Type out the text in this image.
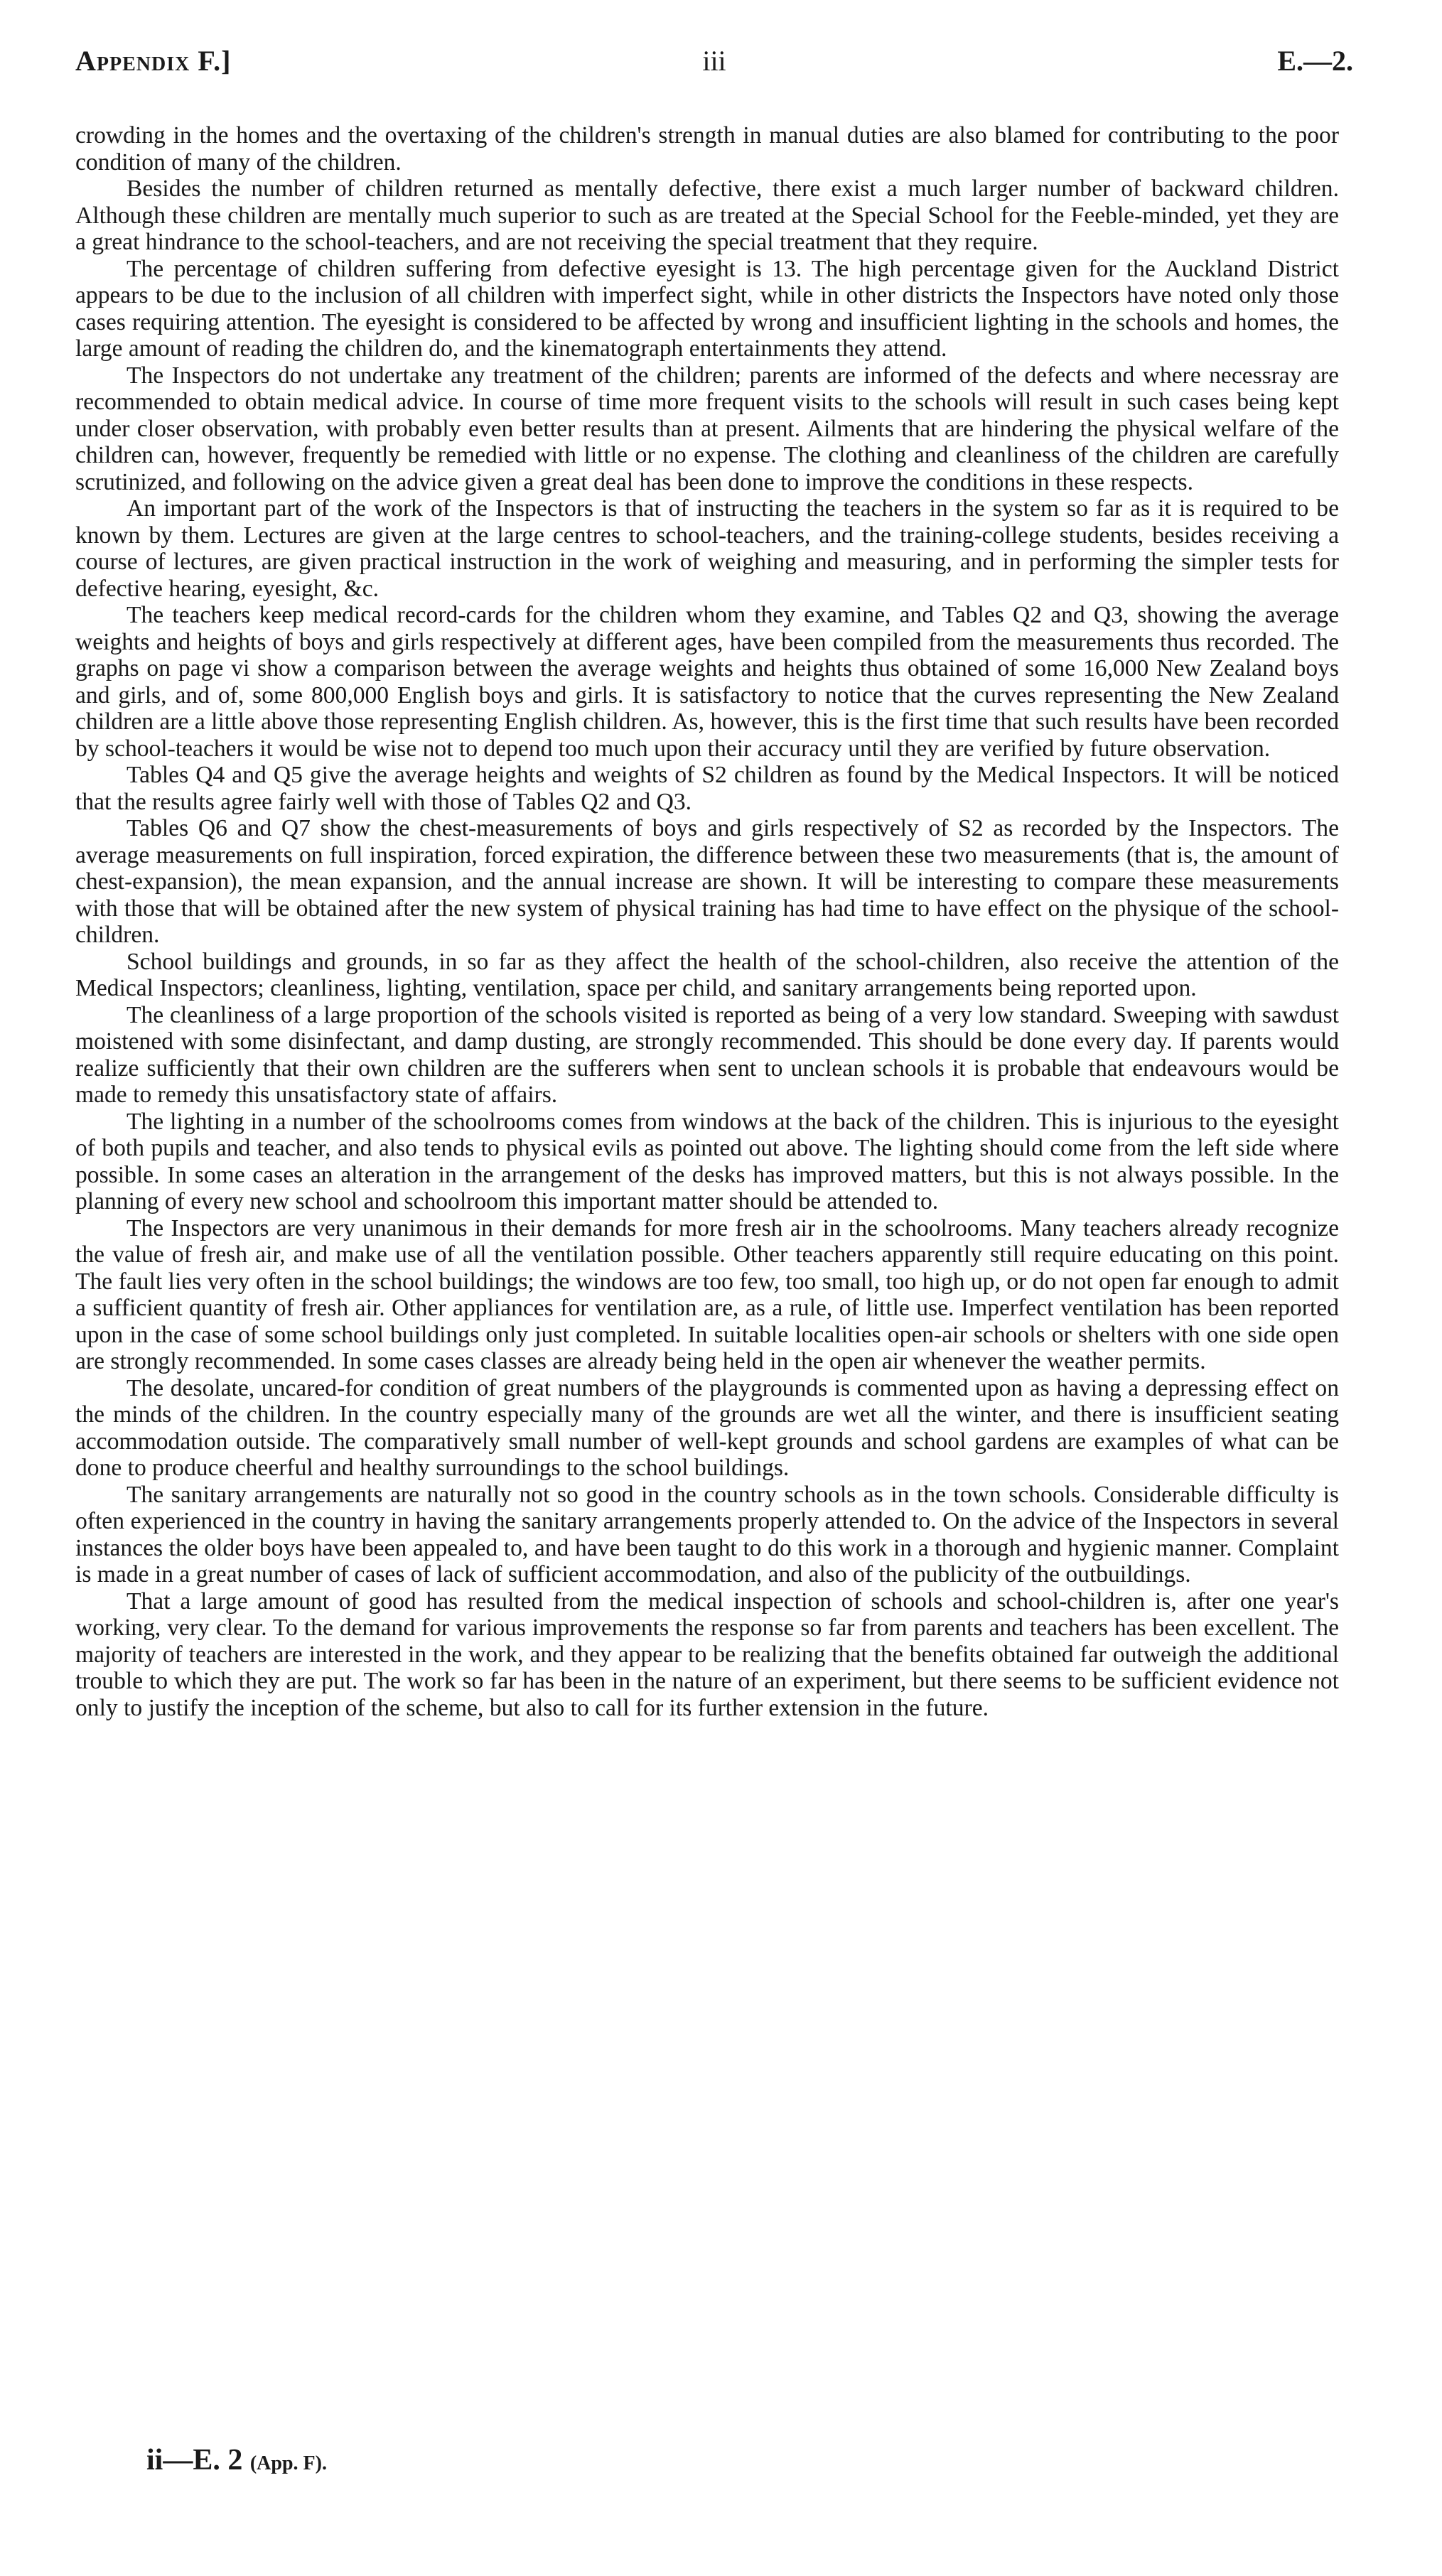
Appendix F.]	iii	E.—2.

crowding in the homes and the overtaxing of the children's strength in manual duties are also blamed for contributing to the poor condition of many of the children.

Besides the number of children returned as mentally defective, there exist a much larger number of backward children. Although these children are mentally much superior to such as are treated at the Special School for the Feeble-minded, yet they are a great hindrance to the school-teachers, and are not receiving the special treatment that they require.

The percentage of children suffering from defective eyesight is 13. The high percentage given for the Auckland District appears to be due to the inclusion of all children with imperfect sight, while in other districts the Inspectors have noted only those cases requiring attention. The eyesight is considered to be affected by wrong and insufficient lighting in the schools and homes, the large amount of reading the children do, and the kinematograph entertainments they attend.

The Inspectors do not undertake any treatment of the children; parents are informed of the defects and where necessray are recommended to obtain medical advice. In course of time more frequent visits to the schools will result in such cases being kept under closer observation, with probably even better results than at present. Ailments that are hindering the physical welfare of the children can, however, frequently be remedied with little or no expense. The clothing and cleanliness of the children are carefully scrutinized, and following on the advice given a great deal has been done to improve the conditions in these respects.

An important part of the work of the Inspectors is that of instructing the teachers in the system so far as it is required to be known by them. Lectures are given at the large centres to school-teachers, and the training-college students, besides receiving a course of lectures, are given practical instruction in the work of weighing and measuring, and in performing the simpler tests for defective hearing, eyesight, &c.

The teachers keep medical record-cards for the children whom they examine, and Tables Q2 and Q3, showing the average weights and heights of boys and girls respectively at different ages, have been compiled from the measurements thus recorded. The graphs on page vi show a comparison between the average weights and heights thus obtained of some 16,000 New Zealand boys and girls, and of, some 800,000 English boys and girls. It is satisfactory to notice that the curves representing the New Zealand children are a little above those representing English children. As, however, this is the first time that such results have been recorded by school-teachers it would be wise not to depend too much upon their accuracy until they are verified by future observation.

Tables Q4 and Q5 give the average heights and weights of S2 children as found by the Medical Inspectors. It will be noticed that the results agree fairly well with those of Tables Q2 and Q3.

Tables Q6 and Q7 show the chest-measurements of boys and girls respectively of S2 as recorded by the Inspectors. The average measurements on full inspiration, forced expiration, the difference between these two measurements (that is, the amount of chest-expansion), the mean expansion, and the annual increase are shown. It will be interesting to compare these measurements with those that will be obtained after the new system of physical training has had time to have effect on the physique of the school-children.

School buildings and grounds, in so far as they affect the health of the school-children, also receive the attention of the Medical Inspectors; cleanliness, lighting, ventilation, space per child, and sanitary arrangements being reported upon.

The cleanliness of a large proportion of the schools visited is reported as being of a very low standard. Sweeping with sawdust moistened with some disinfectant, and damp dusting, are strongly recommended. This should be done every day. If parents would realize sufficiently that their own children are the sufferers when sent to unclean schools it is probable that endeavours would be made to remedy this unsatisfactory state of affairs.

The lighting in a number of the schoolrooms comes from windows at the back of the children. This is injurious to the eyesight of both pupils and teacher, and also tends to physical evils as pointed out above. The lighting should come from the left side where possible. In some cases an alteration in the arrangement of the desks has improved matters, but this is not always possible. In the planning of every new school and schoolroom this important matter should be attended to.

The Inspectors are very unanimous in their demands for more fresh air in the schoolrooms. Many teachers already recognize the value of fresh air, and make use of all the ventilation possible. Other teachers apparently still require educating on this point. The fault lies very often in the school buildings; the windows are too few, too small, too high up, or do not open far enough to admit a sufficient quantity of fresh air. Other appliances for ventilation are, as a rule, of little use. Imperfect ventilation has been reported upon in the case of some school buildings only just completed. In suitable localities open-air schools or shelters with one side open are strongly recommended. In some cases classes are already being held in the open air whenever the weather permits.

The desolate, uncared-for condition of great numbers of the playgrounds is commented upon as having a depressing effect on the minds of the children. In the country especially many of the grounds are wet all the winter, and there is insufficient seating accommodation outside. The comparatively small number of well-kept grounds and school gardens are examples of what can be done to produce cheerful and healthy surroundings to the school buildings.

The sanitary arrangements are naturally not so good in the country schools as in the town schools. Considerable difficulty is often experienced in the country in having the sanitary arrangements properly attended to. On the advice of the Inspectors in several instances the older boys have been appealed to, and have been taught to do this work in a thorough and hygienic manner. Complaint is made in a great number of cases of lack of sufficient accommodation, and also of the publicity of the outbuildings.

That a large amount of good has resulted from the medical inspection of schools and school-children is, after one year's working, very clear. To the demand for various improvements the response so far from parents and teachers has been excellent. The majority of teachers are interested in the work, and they appear to be realizing that the benefits obtained far outweigh the additional trouble to which they are put. The work so far has been in the nature of an experiment, but there seems to be sufficient evidence not only to justify the inception of the scheme, but also to call for its further extension in the future.

ii—E. 2 (App. F).
